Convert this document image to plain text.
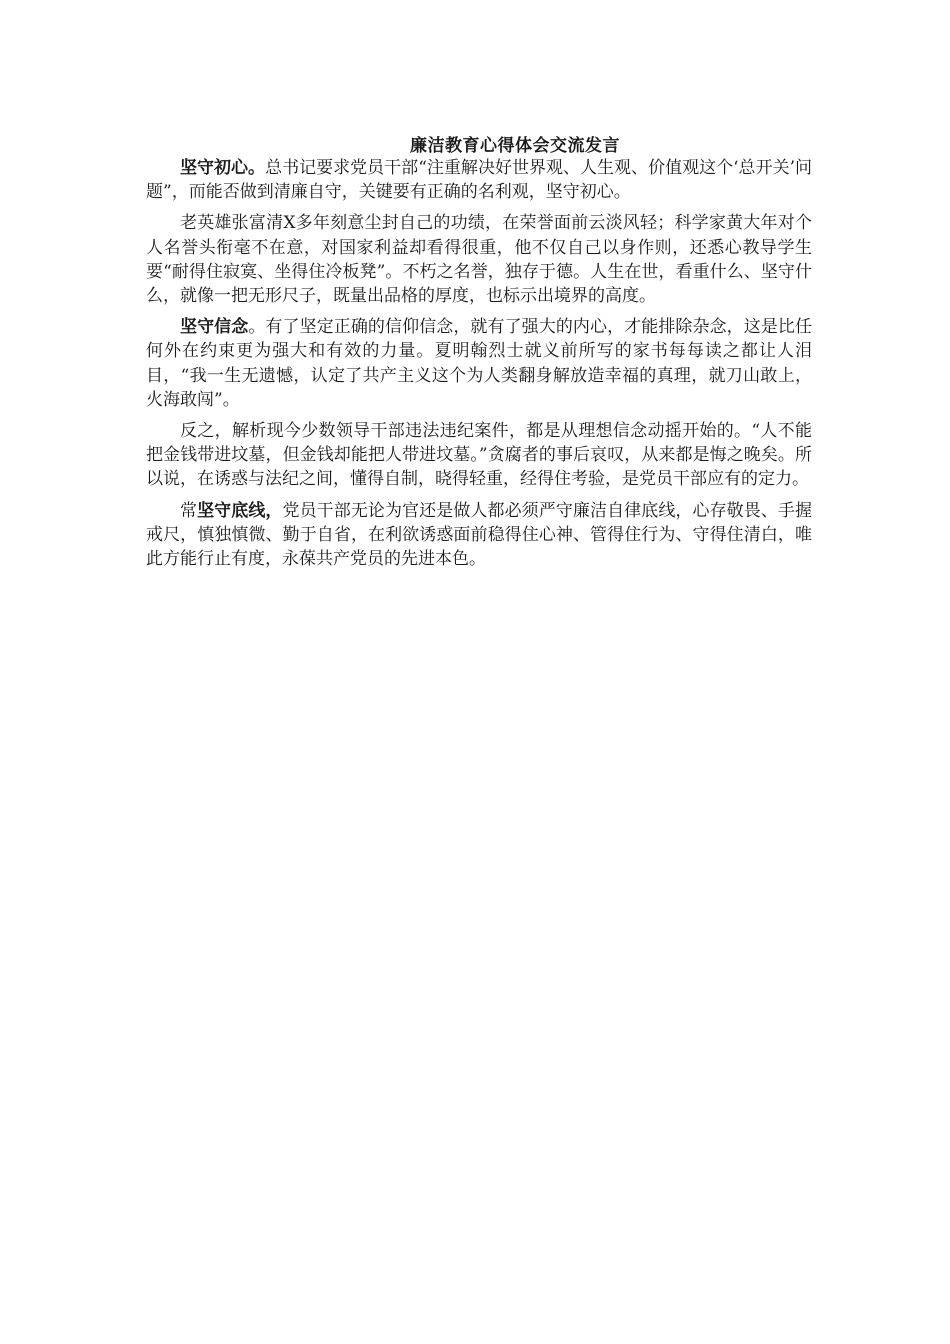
廉洁教育心得体会交流发言

坚守初心。总书记要求党员干部“注重解决好世界观、人生观、价值观这个‘总开关’问题”，而能否做到清廉自守，关键要有正确的名利观，坚守初心。

老英雄张富清X多年刻意尘封自己的功绩，在荣誉面前云淡风轻；科学家黄大年对个人名誉头衔毫不在意，对国家利益却看得很重，他不仅自己以身作则，还悉心教导学生要“耐得住寂寞、坐得住冷板凳”。不朽之名誉，独存于德。人生在世，看重什么、坚守什么，就像一把无形尺子，既量出品格的厚度，也标示出境界的高度。

坚守信念。有了坚定正确的信仰信念，就有了强大的内心，才能排除杂念，这是比任何外在约束更为强大和有效的力量。夏明翰烈士就义前所写的家书每每读之都让人泪目，“我一生无遗憾，认定了共产主义这个为人类翻身解放造幸福的真理，就刀山敢上，火海敢闯”。

反之，解析现今少数领导干部违法违纪案件，都是从理想信念动摇开始的。“人不能把金钱带进坟墓，但金钱却能把人带进坟墓。”贪腐者的事后哀叹，从来都是悔之晚矣。所以说，在诱惑与法纪之间，懂得自制，晓得轻重，经得住考验，是党员干部应有的定力。

常坚守底线，党员干部无论为官还是做人都必须严守廉洁自律底线，心存敬畏、手握戒尺，慎独慎微、勤于自省，在利欲诱惑面前稳得住心神、管得住行为、守得住清白，唯此方能行止有度，永葆共产党员的先进本色。
